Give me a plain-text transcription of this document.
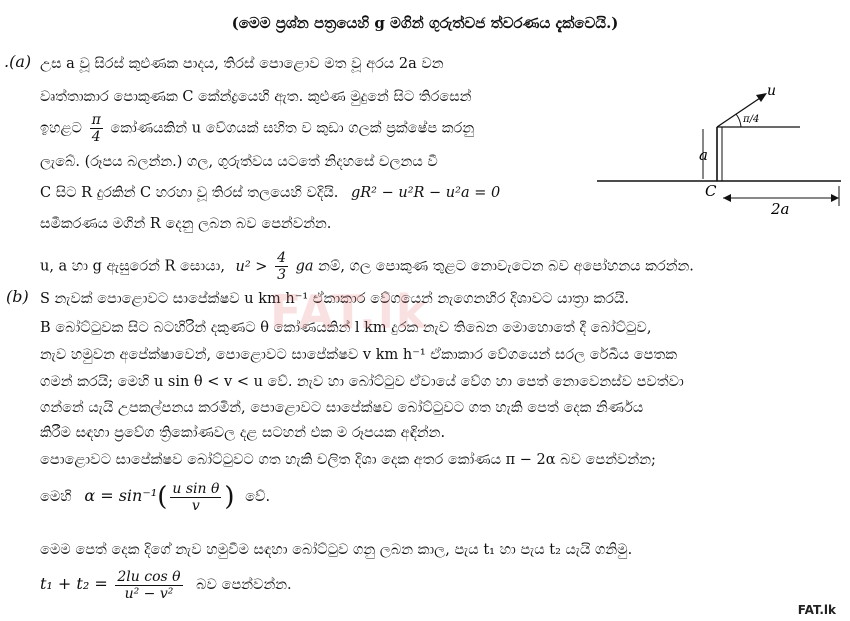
(මෙම ප්‍රශ්න පත්‍රයෙහි g මගින් ගුරුත්වජ ත්වරණය දැක්වෙයි.)
.(a) උස a වූ සිරස් කුළුණක පාදය, තිරස් පොළොව මත වූ අරය 2a වන
වෘත්තාකාර පොකුණක C කේන්ද්‍රයෙහි ඇත. කුළුණ මුදුනේ සිට තිරසෙන්
ඉහළට $\frac{\pi}{4}$ කෝණයකින් u වේගයක් සහිත ව කුඩා ගලක් ප්‍රක්ෂේප කරනු
ලැබේ. (රූපය බලන්න.) ගල, ගුරුත්වය යටතේ නිදහසේ චලනය වී
C සිට R දුරකින් C හරහා වූ තිරස් තලයෙහි වදියි. gR² − u²R − u²a = 0
සමීකරණය මගින් R දෙනු ලබන බව පෙන්වන්න.
u, a හා g ඇසුරෙන් R සොයා, $u^2 > \frac{4}{3}$ ga නම්, ගල පොකුණ තුළට නොවැටෙන බව අපෝහනය කරන්න.
u
π/4
a
C
2a
(b) S නැවක් පොළොවට සාපේක්ෂව u km h⁻¹ ඒකාකාර වේගයෙන් නැගෙනහිර දිශාවට යාත්‍රා කරයි.
B බෝට්ටුවක සිට බටහිරින් දකුණට θ කෝණයකින් l km දුරක නැව තිබෙන මොහොතේ දී බෝට්ටුව,
නැව හමුවන අපේක්ෂාවෙන්, පොළොවට සාපේක්ෂව v km h⁻¹ ඒකාකාර වේගයෙන් සරල රේඛීය පෙතක
ගමන් කරයි; මෙහි u sin θ < v < u වේ. නැව හා බෝට්ටුව ඒවායේ වේග හා පෙත් නොවෙනස්ව පවත්වා
ගන්නේ යැයි උපකල්පනය කරමින්, පොළොවට සාපේක්ෂව බෝට්ටුවට ගත හැකි පෙත් දෙක නිර්ණය
කිරීම සඳහා ප්‍රවේග ත්‍රිකෝණවල දළ සටහන් එක ම රූපයක අඳින්න.
පොළොවට සාපේක්ෂව බෝට්ටුවට ගත හැකි චලිත දිශා දෙක අතර කෝණය π − 2α බව පෙන්වන්න;
මෙහි $\alpha = \sin^{-1}( \frac{\text{u sin θ}}{v}$ ) වේ.
මෙම පෙත් දෙක දිගේ නැව හමුවීම සඳහා බෝට්ටුව ගනු ලබන කාල, පැය t₁ හා පැය t₂ යැයි ගනිමු.
$t_1 + t_2 = \frac{\text{2lu cos θ}}{\text{u² − v²}}$ බව පෙන්වන්න.
FAT.lk
FAT.lk
